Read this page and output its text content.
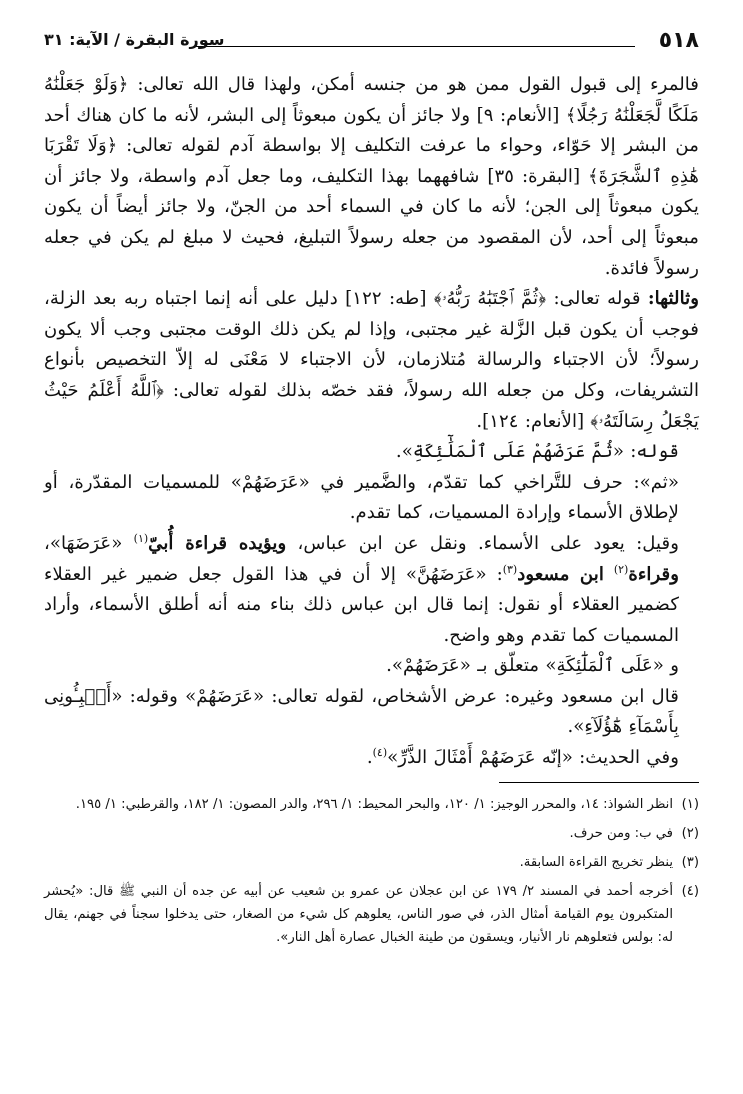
٥١٨
سورة البقرة / الآية: ٣١

فالمرء إلى قبول القول ممن هو من جنسه أمكن، ولهذا قال الله تعالى: ﴿وَلَوْ جَعَلْنَٰهُ مَلَكًا لَّجَعَلْنَٰهُ رَجُلًا﴾ [الأنعام: ٩] ولا جائز أن يكون مبعوثاً إلى البشر، لأنه ما كان هناك أحد من البشر إلا حَوّاء، وحواء ما عرفت التكليف إلا بواسطة آدم لقوله تعالى: ﴿وَلَا تَقْرَبَا هَٰذِهِ ٱلشَّجَرَةَ﴾ [البقرة: ٣٥] شافههما بهذا التكليف، وما جعل آدم واسطة، ولا جائز أن يكون مبعوثاً إلى الجن؛ لأنه ما كان في السماء أحد من الجنّ، ولا جائز أيضاً أن يكون مبعوثاً إلى أحد، لأن المقصود من جعله رسولاً التبليغ، فحيث لا مبلغ لم يكن في جعله رسولاً فائدة.

وثالثها: قوله تعالى: ﴿ثُمَّ ٱجْتَبَٰهُ رَبُّهُۥ﴾ [طه: ١٢٢] دليل على أنه إنما اجتباه ربه بعد الزلة، فوجب أن يكون قبل الزَّلة غير مجتبى، وإذا لم يكن ذلك الوقت مجتبى وجب ألا يكون رسولاً؛ لأن الاجتباء والرسالة مُتلازمان، لأن الاجتباء لا مَعْنَى له إلاّ التخصيص بأنواع التشريفات، وكل من جعله الله رسولاً، فقد خصّه بذلك لقوله تعالى: ﴿ٱللَّهُ أَعْلَمُ حَيْثُ يَجْعَلُ رِسَالَتَهُۥ﴾ [الأنعام: ١٢٤].

قوله: «ثُمَّ عَرَضَهُمْ عَلَى ٱلْمَلَٰٓئِكَةِ».

«ثم»: حرف للتَّراخي كما تقدّم، والضَّمير في «عَرَضَهُمْ» للمسميات المقدّرة، أو لإطلاق الأسماء وإرادة المسميات، كما تقدم.

وقيل: يعود على الأسماء. ونقل عن ابن عباس، ويؤيده قراءة أُبيّ$^{(١)}$ «عَرَضَهَا»، وقراءة$^{(٢)}$ ابن مسعود$^{(٣)}$: «عَرَضَهُنَّ» إلا أن في هذا القول جعل ضمير غير العقلاء كضمير العقلاء أو نقول: إنما قال ابن عباس ذلك بناء منه أنه أطلق الأسماء، وأراد المسميات كما تقدم وهو واضح.

و «عَلَى ٱلْمَلَٰٓئِكَةِ» متعلّق بـ «عَرَضَهُمْ».

قال ابن مسعود وغيره: عرض الأشخاص، لقوله تعالى: «عَرَضَهُمْ» وقوله: «أَنۢبِـُٔونِى بِأَسْمَآءِ هَٰٓؤُلَآءِ».

وفي الحديث: «إنّه عَرَضَهُمْ أَمْثَالَ الذَّرِّ»$^{(٤)}$.

(١)
انظر الشواذ: ١٤، والمحرر الوجيز: ١/ ١٢٠، والبحر المحيط: ١/ ٢٩٦، والدر المصون: ١/ ١٨٢، والقرطبي: ١/ ١٩٥.
(٢)
في ب: ومن حرف.
(٣)
ينظر تخريج القراءة السابقة.
(٤)
أخرجه أحمد في المسند ٢/ ١٧٩ عن ابن عجلان عن عمرو بن شعيب عن أبيه عن جده أن النبي ﷺ قال: «يُحشر المتكبرون يوم القيامة أمثال الذر، في صور الناس، يعلوهم كل شيء من الصغار، حتى يدخلوا سجناً في جهنم، يقال له: بولس فتعلوهم نار الأنيار، ويسقون من طينة الخبال عصارة أهل النار».
